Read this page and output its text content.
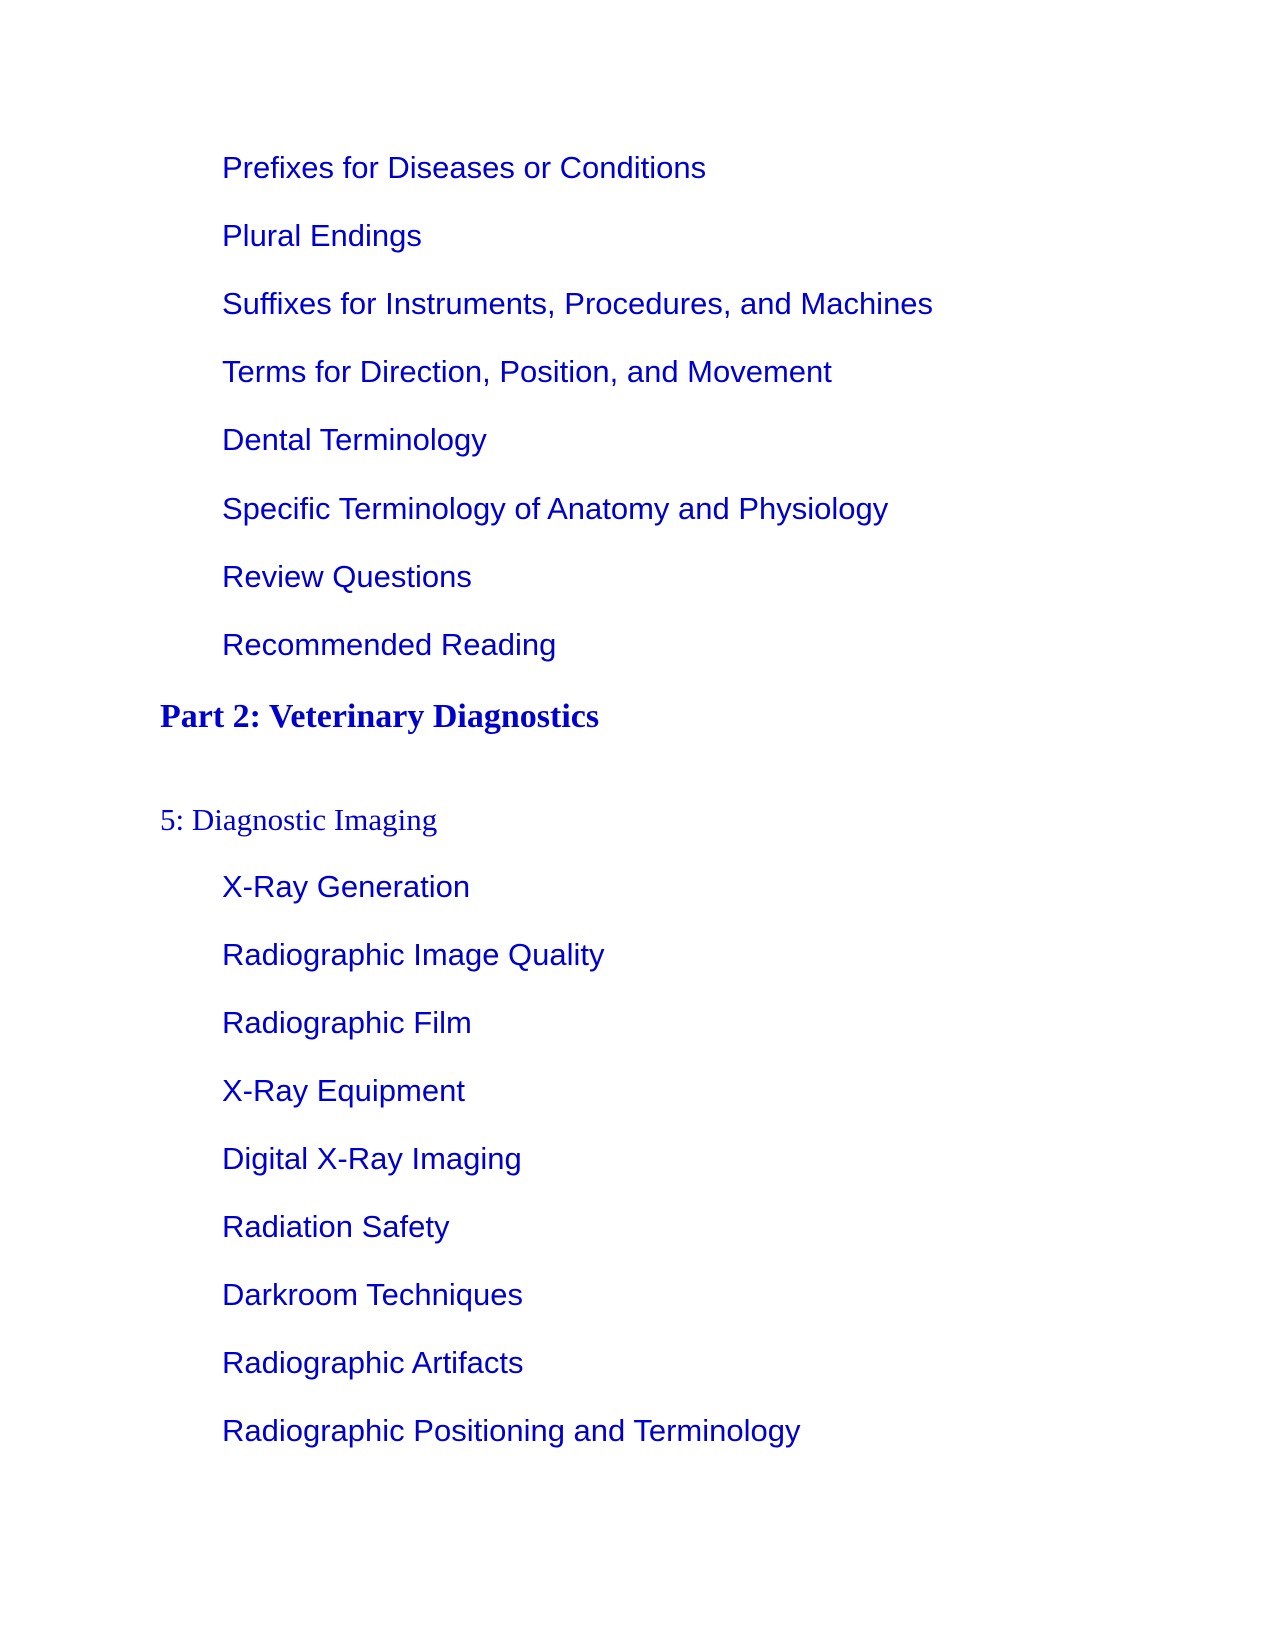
Prefixes for Diseases or Conditions
Plural Endings
Suffixes for Instruments, Procedures, and Machines
Terms for Direction, Position, and Movement
Dental Terminology
Specific Terminology of Anatomy and Physiology
Review Questions
Recommended Reading
Part 2: Veterinary Diagnostics
5: Diagnostic Imaging
X-Ray Generation
Radiographic Image Quality
Radiographic Film
X-Ray Equipment
Digital X-Ray Imaging
Radiation Safety
Darkroom Techniques
Radiographic Artifacts
Radiographic Positioning and Terminology
